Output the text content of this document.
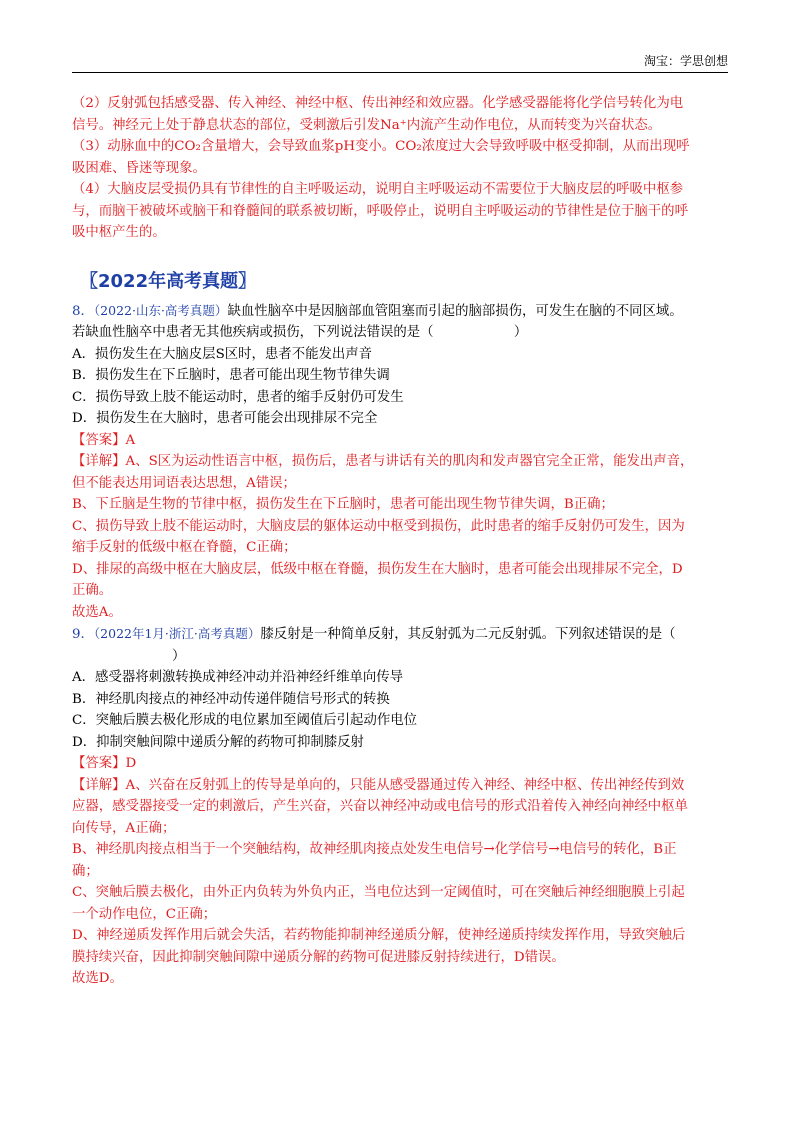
淘宝：学思创想
（2）反射弧包括感受器、传入神经、神经中枢、传出神经和效应器。化学感受器能将化学信号转化为电
信号。神经元上处于静息状态的部位，受刺激后引发Na⁺内流产生动作电位，从而转变为兴奋状态。
（3）动脉血中的CO₂含量增大，会导致血浆pH变小。CO₂浓度过大会导致呼吸中枢受抑制，从而出现呼
吸困难、昏迷等现象。
（4）大脑皮层受损仍具有节律性的自主呼吸运动，说明自主呼吸运动不需要位于大脑皮层的呼吸中枢参
与，而脑干被破坏或脑干和脊髓间的联系被切断，呼吸停止，说明自主呼吸运动的节律性是位于脑干的呼
吸中枢产生的。
〖2022年高考真题〗
8．（2022·山东·高考真题）缺血性脑卒中是因脑部血管阻塞而引起的脑部损伤，可发生在脑的不同区域。
若缺血性脑卒中患者无其他疾病或损伤，下列说法错误的是（　　　　　　）
A．损伤发生在大脑皮层S区时，患者不能发出声音
B．损伤发生在下丘脑时，患者可能出现生物节律失调
C．损伤导致上肢不能运动时，患者的缩手反射仍可发生
D．损伤发生在大脑时，患者可能会出现排尿不完全
【答案】A
【详解】A、S区为运动性语言中枢，损伤后，患者与讲话有关的肌肉和发声器官完全正常，能发出声音，
但不能表达用词语表达思想，A错误；
B、下丘脑是生物的节律中枢，损伤发生在下丘脑时，患者可能出现生物节律失调，B正确；
C、损伤导致上肢不能运动时，大脑皮层的躯体运动中枢受到损伤，此时患者的缩手反射仍可发生，因为
缩手反射的低级中枢在脊髓，C正确；
D、排尿的高级中枢在大脑皮层，低级中枢在脊髓，损伤发生在大脑时，患者可能会出现排尿不完全，D
正确。
故选A。
9．（2022年1月·浙江·高考真题）膝反射是一种简单反射，其反射弧为二元反射弧。下列叙述错误的是（
）
A．感受器将刺激转换成神经冲动并沿神经纤维单向传导
B．神经肌肉接点的神经冲动传递伴随信号形式的转换
C．突触后膜去极化形成的电位累加至阈值后引起动作电位
D．抑制突触间隙中递质分解的药物可抑制膝反射
【答案】D
【详解】A、兴奋在反射弧上的传导是单向的，只能从感受器通过传入神经、神经中枢、传出神经传到效
应器，感受器接受一定的刺激后，产生兴奋，兴奋以神经冲动或电信号的形式沿着传入神经向神经中枢单
向传导，A正确；
B、神经肌肉接点相当于一个突触结构，故神经肌肉接点处发生电信号→化学信号→电信号的转化，B正
确；
C、突触后膜去极化，由外正内负转为外负内正，当电位达到一定阈值时，可在突触后神经细胞膜上引起
一个动作电位，C正确；
D、神经递质发挥作用后就会失活，若药物能抑制神经递质分解，使神经递质持续发挥作用，导致突触后
膜持续兴奋，因此抑制突触间隙中递质分解的药物可促进膝反射持续进行，D错误。
故选D。
